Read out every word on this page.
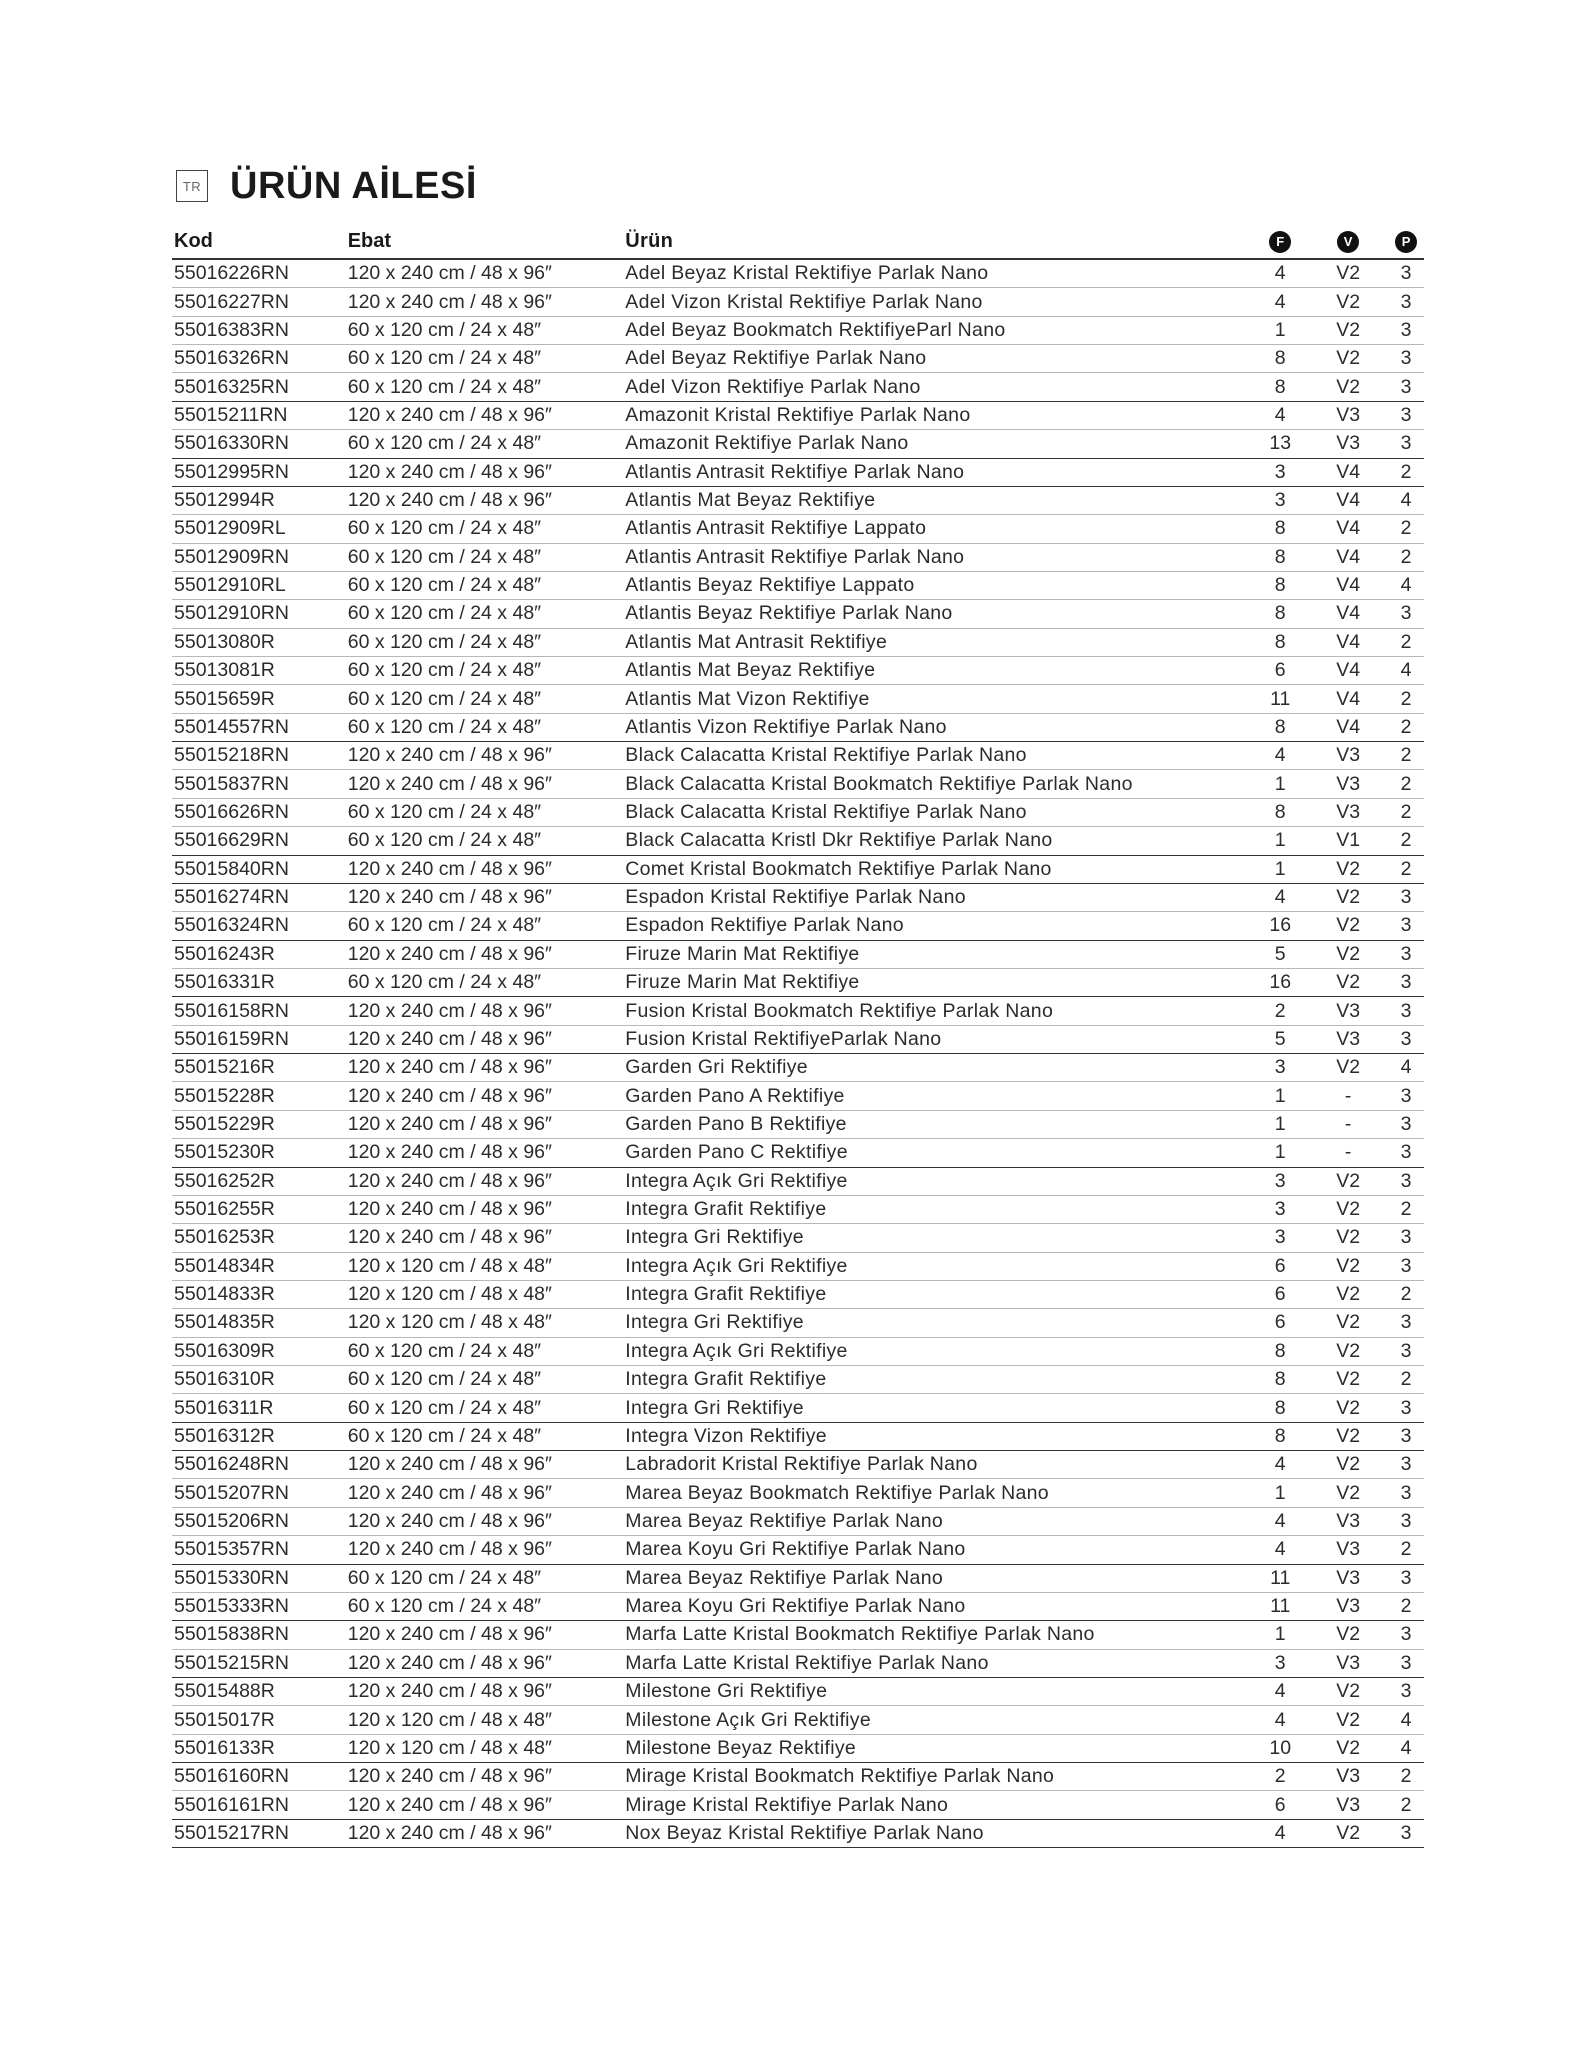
TR ÜRÜN AİLESİ
Kod	Ebat	Ürün	F	V	P
55016226RN	120 x 240 cm / 48 x 96″	Adel Beyaz Kristal Rektifiye Parlak Nano	4	V2	3
55016227RN	120 x 240 cm / 48 x 96″	Adel Vizon Kristal Rektifiye Parlak Nano	4	V2	3
55016383RN	60 x 120 cm / 24 x 48″	Adel Beyaz Bookmatch RektifiyeParl Nano	1	V2	3
55016326RN	60 x 120 cm / 24 x 48″	Adel Beyaz Rektifiye Parlak Nano	8	V2	3
55016325RN	60 x 120 cm / 24 x 48″	Adel Vizon Rektifiye Parlak Nano	8	V2	3
55015211RN	120 x 240 cm / 48 x 96″	Amazonit Kristal Rektifiye Parlak Nano	4	V3	3
55016330RN	60 x 120 cm / 24 x 48″	Amazonit Rektifiye Parlak Nano	13	V3	3
55012995RN	120 x 240 cm / 48 x 96″	Atlantis Antrasit Rektifiye Parlak Nano	3	V4	2
55012994R	120 x 240 cm / 48 x 96″	Atlantis Mat Beyaz Rektifiye	3	V4	4
55012909RL	60 x 120 cm / 24 x 48″	Atlantis Antrasit Rektifiye Lappato	8	V4	2
55012909RN	60 x 120 cm / 24 x 48″	Atlantis Antrasit Rektifiye Parlak Nano	8	V4	2
55012910RL	60 x 120 cm / 24 x 48″	Atlantis Beyaz Rektifiye Lappato	8	V4	4
55012910RN	60 x 120 cm / 24 x 48″	Atlantis Beyaz Rektifiye Parlak Nano	8	V4	3
55013080R	60 x 120 cm / 24 x 48″	Atlantis Mat Antrasit Rektifiye	8	V4	2
55013081R	60 x 120 cm / 24 x 48″	Atlantis Mat Beyaz Rektifiye	6	V4	4
55015659R	60 x 120 cm / 24 x 48″	Atlantis Mat Vizon Rektifiye	11	V4	2
55014557RN	60 x 120 cm / 24 x 48″	Atlantis Vizon Rektifiye Parlak Nano	8	V4	2
55015218RN	120 x 240 cm / 48 x 96″	Black Calacatta Kristal Rektifiye Parlak Nano	4	V3	2
55015837RN	120 x 240 cm / 48 x 96″	Black Calacatta Kristal Bookmatch Rektifiye Parlak Nano	1	V3	2
55016626RN	60 x 120 cm / 24 x 48″	Black Calacatta Kristal Rektifiye Parlak Nano	8	V3	2
55016629RN	60 x 120 cm / 24 x 48″	Black Calacatta Kristl Dkr Rektifiye Parlak Nano	1	V1	2
55015840RN	120 x 240 cm / 48 x 96″	Comet Kristal Bookmatch Rektifiye Parlak Nano	1	V2	2
55016274RN	120 x 240 cm / 48 x 96″	Espadon Kristal Rektifiye Parlak Nano	4	V2	3
55016324RN	60 x 120 cm / 24 x 48″	Espadon Rektifiye Parlak Nano	16	V2	3
55016243R	120 x 240 cm / 48 x 96″	Firuze Marin Mat Rektifiye	5	V2	3
55016331R	60 x 120 cm / 24 x 48″	Firuze Marin Mat Rektifiye	16	V2	3
55016158RN	120 x 240 cm / 48 x 96″	Fusion Kristal Bookmatch Rektifiye Parlak Nano	2	V3	3
55016159RN	120 x 240 cm / 48 x 96″	Fusion Kristal RektifiyeParlak Nano	5	V3	3
55015216R	120 x 240 cm / 48 x 96″	Garden Gri Rektifiye	3	V2	4
55015228R	120 x 240 cm / 48 x 96″	Garden Pano A Rektifiye	1	-	3
55015229R	120 x 240 cm / 48 x 96″	Garden Pano B Rektifiye	1	-	3
55015230R	120 x 240 cm / 48 x 96″	Garden Pano C Rektifiye	1	-	3
55016252R	120 x 240 cm / 48 x 96″	Integra Açık Gri Rektifiye	3	V2	3
55016255R	120 x 240 cm / 48 x 96″	Integra Grafit Rektifiye	3	V2	2
55016253R	120 x 240 cm / 48 x 96″	Integra Gri Rektifiye	3	V2	3
55014834R	120 x 120 cm / 48 x 48″	Integra Açık Gri Rektifiye	6	V2	3
55014833R	120 x 120 cm / 48 x 48″	Integra Grafit Rektifiye	6	V2	2
55014835R	120 x 120 cm / 48 x 48″	Integra Gri Rektifiye	6	V2	3
55016309R	60 x 120 cm / 24 x 48″	Integra Açık Gri Rektifiye	8	V2	3
55016310R	60 x 120 cm / 24 x 48″	Integra Grafit Rektifiye	8	V2	2
55016311R	60 x 120 cm / 24 x 48″	Integra Gri Rektifiye	8	V2	3
55016312R	60 x 120 cm / 24 x 48″	Integra Vizon Rektifiye	8	V2	3
55016248RN	120 x 240 cm / 48 x 96″	Labradorit Kristal Rektifiye Parlak Nano	4	V2	3
55015207RN	120 x 240 cm / 48 x 96″	Marea Beyaz Bookmatch Rektifiye Parlak Nano	1	V2	3
55015206RN	120 x 240 cm / 48 x 96″	Marea Beyaz Rektifiye Parlak Nano	4	V3	3
55015357RN	120 x 240 cm / 48 x 96″	Marea Koyu Gri Rektifiye Parlak Nano	4	V3	2
55015330RN	60 x 120 cm / 24 x 48″	Marea Beyaz Rektifiye Parlak Nano	11	V3	3
55015333RN	60 x 120 cm / 24 x 48″	Marea Koyu Gri Rektifiye Parlak Nano	11	V3	2
55015838RN	120 x 240 cm / 48 x 96″	Marfa Latte Kristal Bookmatch Rektifiye Parlak Nano	1	V2	3
55015215RN	120 x 240 cm / 48 x 96″	Marfa Latte Kristal Rektifiye Parlak Nano	3	V3	3
55015488R	120 x 240 cm / 48 x 96″	Milestone Gri Rektifiye	4	V2	3
55015017R	120 x 120 cm / 48 x 48″	Milestone Açık Gri Rektifiye	4	V2	4
55016133R	120 x 120 cm / 48 x 48″	Milestone Beyaz Rektifiye	10	V2	4
55016160RN	120 x 240 cm / 48 x 96″	Mirage Kristal Bookmatch Rektifiye Parlak Nano	2	V3	2
55016161RN	120 x 240 cm / 48 x 96″	Mirage Kristal Rektifiye Parlak Nano	6	V3	2
55015217RN	120 x 240 cm / 48 x 96″	Nox Beyaz Kristal Rektifiye Parlak Nano	4	V2	3
